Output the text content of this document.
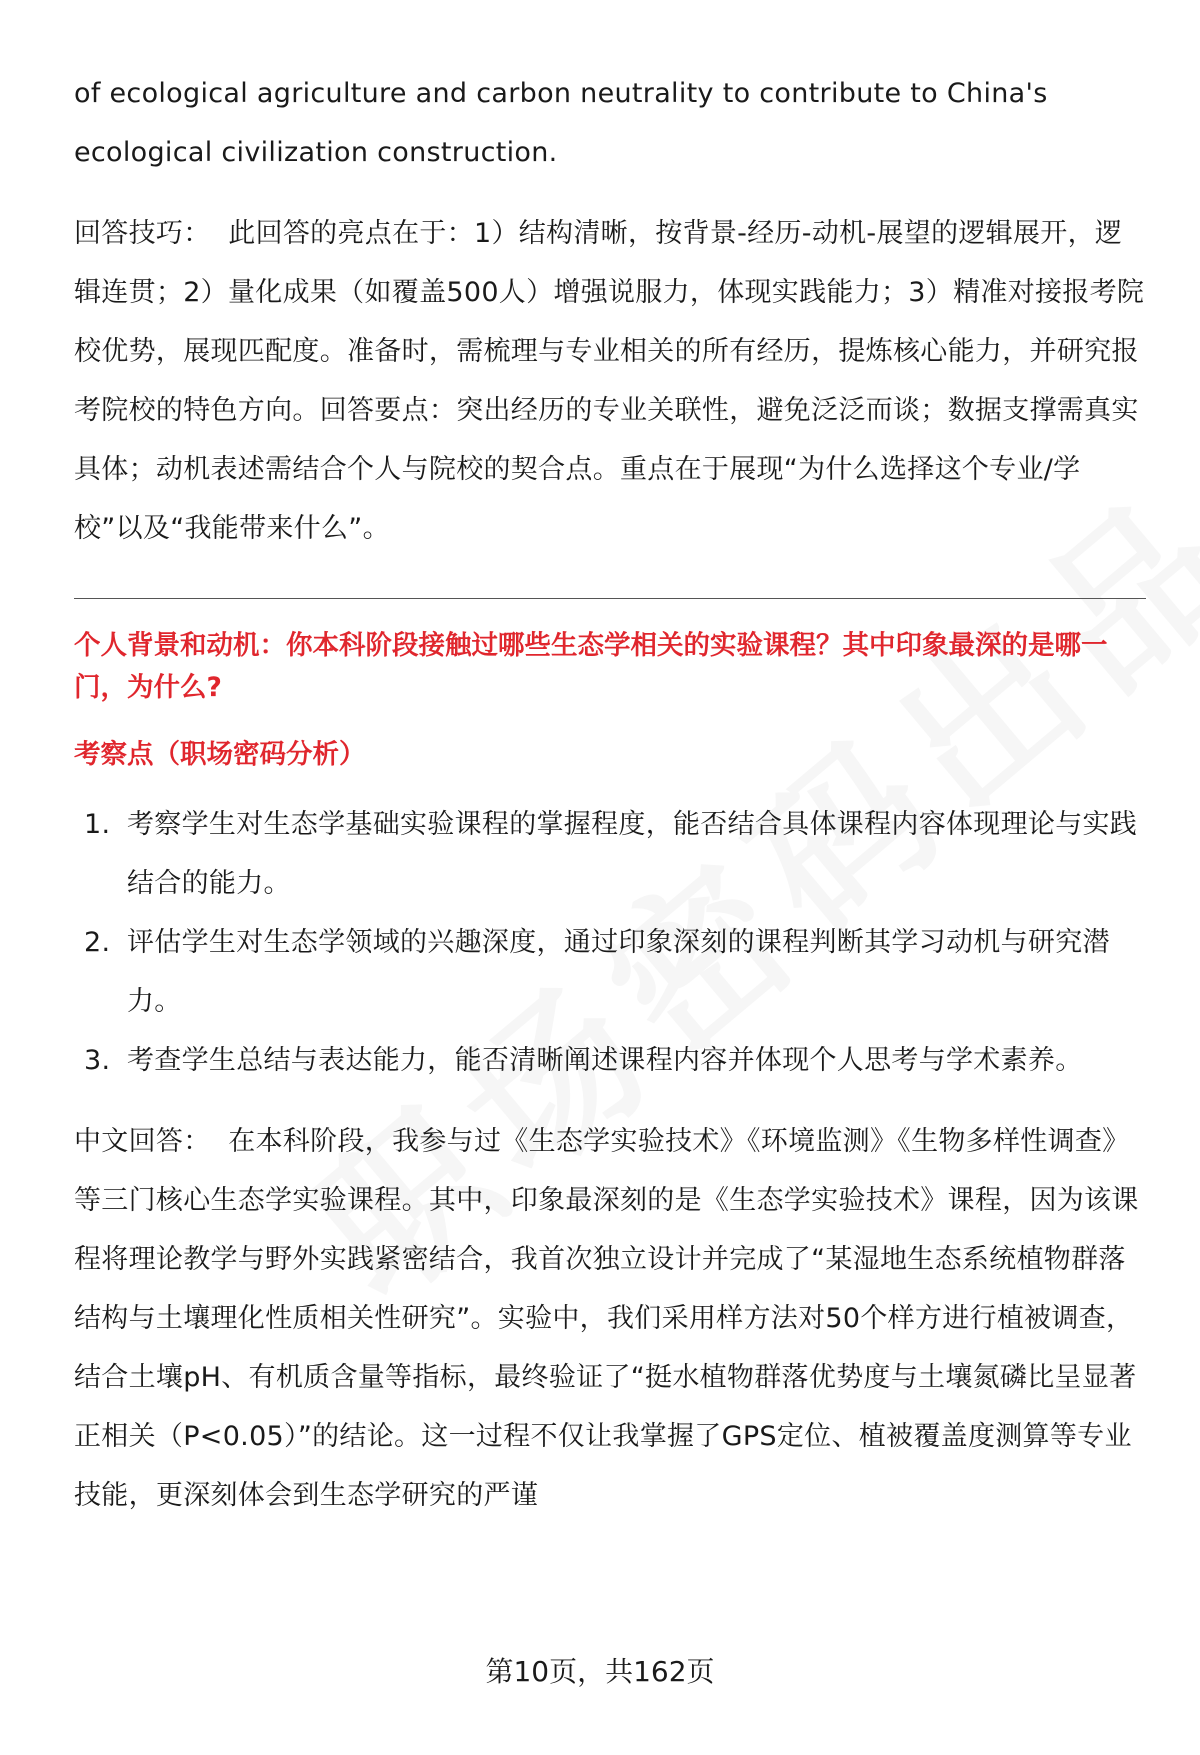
of ecological agriculture and carbon neutrality to contribute to China's ecological civilization construction.

回答技巧： 此回答的亮点在于：1）结构清晰，按背景-经历-动机-展望的逻辑展开，逻辑连贯；2）量化成果（如覆盖500人）增强说服力，体现实践能力；3）精准对接报考院校优势，展现匹配度。准备时，需梳理与专业相关的所有经历，提炼核心能力，并研究报考院校的特色方向。回答要点：突出经历的专业关联性，避免泛泛而谈；数据支撑需真实具体；动机表述需结合个人与院校的契合点。重点在于展现“为什么选择这个专业/学校”以及“我能带来什么”。

个人背景和动机：你本科阶段接触过哪些生态学相关的实验课程？其中印象最深的是哪一门，为什么?

考察点（职场密码分析）
1. 考察学生对生态学基础实验课程的掌握程度，能否结合具体课程内容体现理论与实践结合的能力。
2. 评估学生对生态学领域的兴趣深度，通过印象深刻的课程判断其学习动机与研究潜力。
3. 考查学生总结与表达能力，能否清晰阐述课程内容并体现个人思考与学术素养。

中文回答： 在本科阶段，我参与过《生态学实验技术》《环境监测》《生物多样性调查》等三门核心生态学实验课程。其中，印象最深刻的是《生态学实验技术》课程，因为该课程将理论教学与野外实践紧密结合，我首次独立设计并完成了“某湿地生态系统植物群落结构与土壤理化性质相关性研究”。实验中，我们采用样方法对50个样方进行植被调查，结合土壤pH、有机质含量等指标，最终验证了“挺水植物群落优势度与土壤氮磷比呈显著正相关（P<0.05）”的结论。这一过程不仅让我掌握了GPS定位、植被覆盖度测算等专业技能，更深刻体会到生态学研究的严谨

第10页，共162页
